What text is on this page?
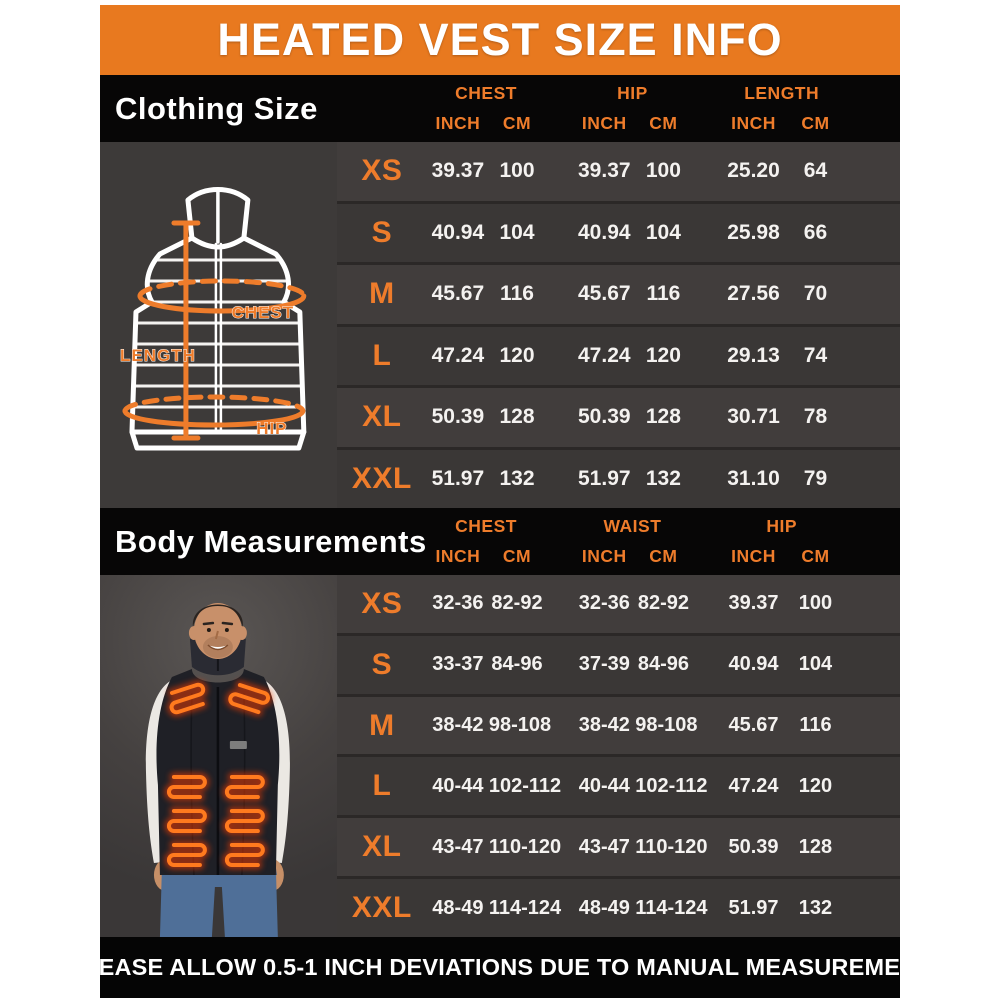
HEATED VEST SIZE INFO
Clothing Size	CHEST
INCH	CM
HIP
INCH	CM
LENGTH
INCH	CM
CHEST
LENGTH
HIP
XS	39.37 100	39.37 100	25.20	64
S	40.94 104	40.94 104	25.98	66
M	45.67 116	45.67 116	27.56	70
L	47.24 120	47.24 120	29.13	74
XL	50.39 128	50.39 128	30.71	78
XXL 51.97 132	51.97 132	31.10	79
Body Measurements	CHEST
INCH	CM
WAIST
INCH	CM
HIP
INCH	CM
XS	32-36 82-92 32-36 82-92	39.37	100
S	33-37 84-96 37-39 84-96	40.94	104
M	38-42 98-108 38-42 98-108	45.67	116
L	40-44 102-112 40-44 102-112	47.24	120
XL	43-47 110-120 43-47 110-120	50.39	128
XXL	48-49 114-124 48-49 114-124	51.97	132
PLEASE ALLOW 0.5-1 INCH DEVIATIONS DUE TO MANUAL MEASUREMENT
